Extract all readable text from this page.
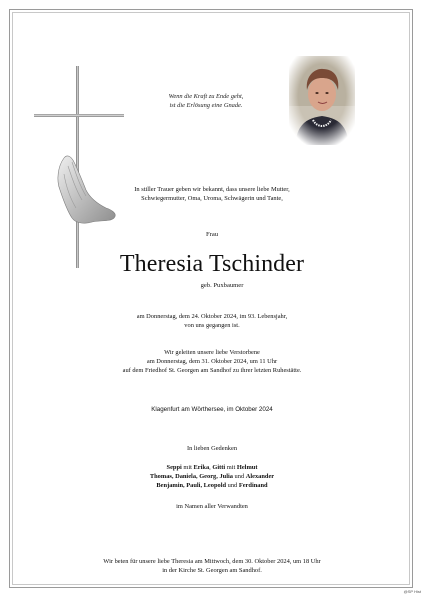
Wenn die Kraft zu Ende geht,
ist die Erlösung eine Gnade.
In stiller Trauer geben wir bekannt, dass unsere liebe Mutter,
Schwiegermutter, Oma, Uroma, Schwägerin und Tante,
Frau
Theresia Tschinder
geb. Puxbaumer
am Donnerstag, dem 24. Oktober 2024, im 93. Lebensjahr,
von uns gegangen ist.
Wir geleiten unsere liebe Verstorbene
am Donnerstag, dem 31. Oktober 2024, um 11 Uhr
auf dem Friedhof St. Georgen am Sandhof zu ihrer letzten Ruhestätte.
Klagenfurt am Wörthersee, im Oktober 2024
In lieben Gedenken
Seppi mit Erika, Gitti mit Helmut
Thomas, Daniela, Georg, Julia und Alexander
Benjamin, Pauli, Leopold und Ferdinand
im Namen aller Verwandten
Wir beten für unsere liebe Theresia am Mittwoch, dem 30. Oktober 2024, um 18 Uhr
in der Kirche St. Georgen am Sandhof.
@SP Hist
